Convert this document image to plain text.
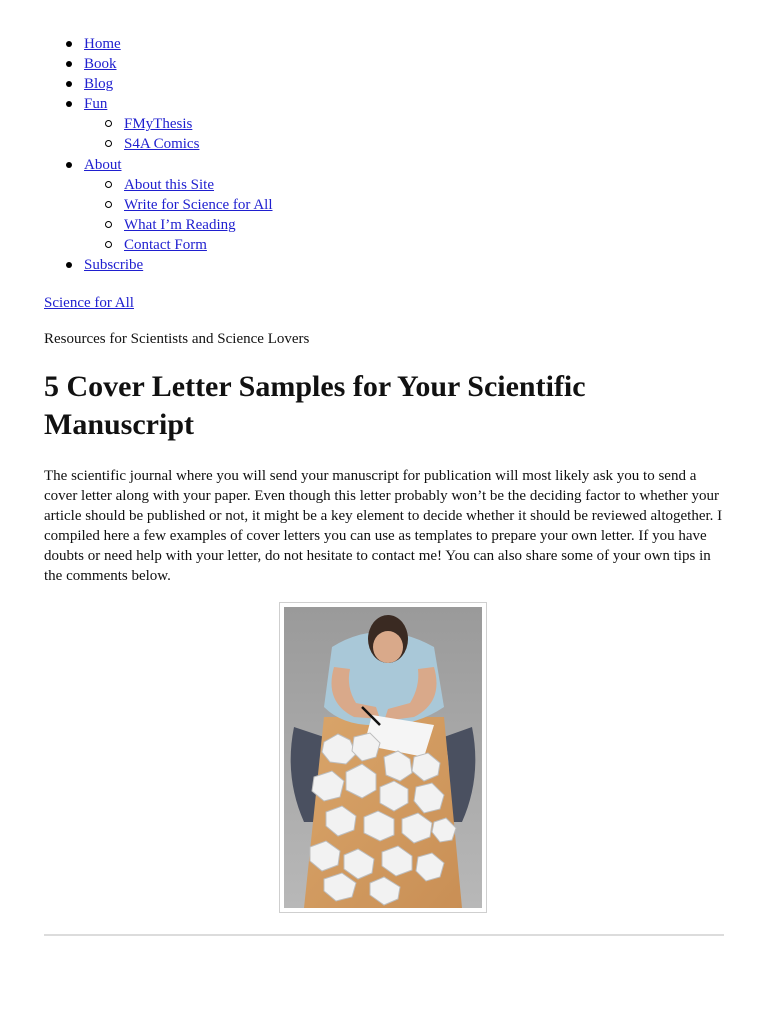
Home
Book
Blog
Fun
FMyThesis
S4A Comics
About
About this Site
Write for Science for All
What I’m Reading
Contact Form
Subscribe
Science for All
Resources for Scientists and Science Lovers
5 Cover Letter Samples for Your Scientific Manuscript

The scientific journal where you will send your manuscript for publication will most likely ask you to send a cover letter along with your paper. Even though this letter probably won’t be the deciding factor to whether your article should be published or not, it might be a key element to decide whether it should be reviewed altogether. I compiled here a few examples of cover letters you can use as templates to prepare your own letter. If you have doubts or need help with your letter, do not hesitate to contact me! You can also share some of your own tips in the comments below.
